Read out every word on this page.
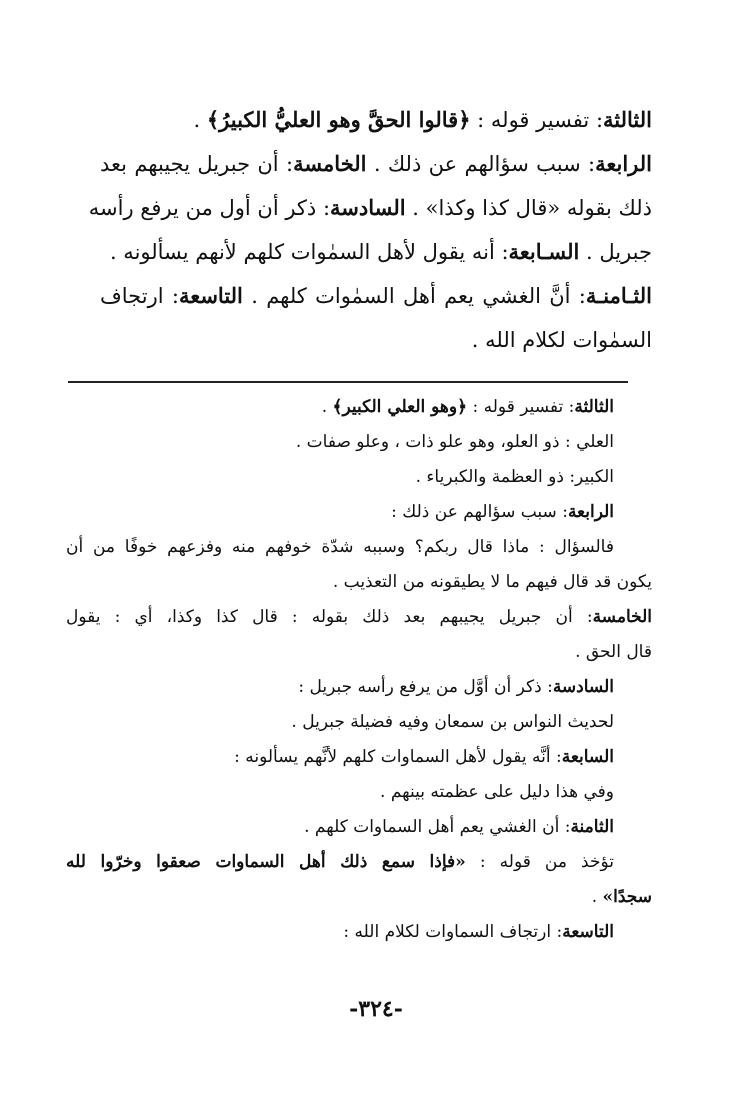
الثالثة: تفسير قوله : ﴿قالوا الحقَّ وهو العليُّ الكبيرُ﴾ .
الرابعة: سبب سؤالهم عن ذلك . الخامسة: أن جبريل يجيبهم بعد
ذلك بقوله «قال كذا وكذا» . السادسة: ذكر أن أول من يرفع رأسه
جبريل . السـابعة: أنه يقول لأهل السمٰوات كلهم لأنهم يسألونه .
الثـامنـة: أنَّ الغشي يعم أهل السمٰوات كلهم . التاسعة: ارتجاف
السمٰوات لكلام الله .
الثالثة: تفسير قوله : ﴿وهو العلي الكبير﴾ .
العلي : ذو العلو، وهو علو ذات ، وعلو صفات .
الكبير: ذو العظمة والكبرياء .
الرابعة: سبب سؤالهم عن ذلك :
فالسؤال : ماذا قال ربكم؟ وسببه شدّة خوفهم منه وفزعهم خوفًا من أن
يكون قد قال فيهم ما لا يطيقونه من التعذيب .
الخامسة: أن جبريل يجيبهم بعد ذلك بقوله : قال كذا وكذا، أي : يقول
قال الحق .
السادسة: ذكر أن أوَّل من يرفع رأسه جبريل :
لحديث النواس بن سمعان وفيه فضيلة جبريل .
السابعة: أنَّه يقول لأهل السماوات كلهم لأنَّهم يسألونه :
وفي هذا دليل على عظمته بينهم .
الثامنة: أن الغشي يعم أهل السماوات كلهم .
تؤخذ من قوله : «فإذا سمع ذلك أهل السماوات صعقوا وخرّوا لله
سجدًا» .
التاسعة: ارتجاف السماوات لكلام الله :
-٣٢٤-
